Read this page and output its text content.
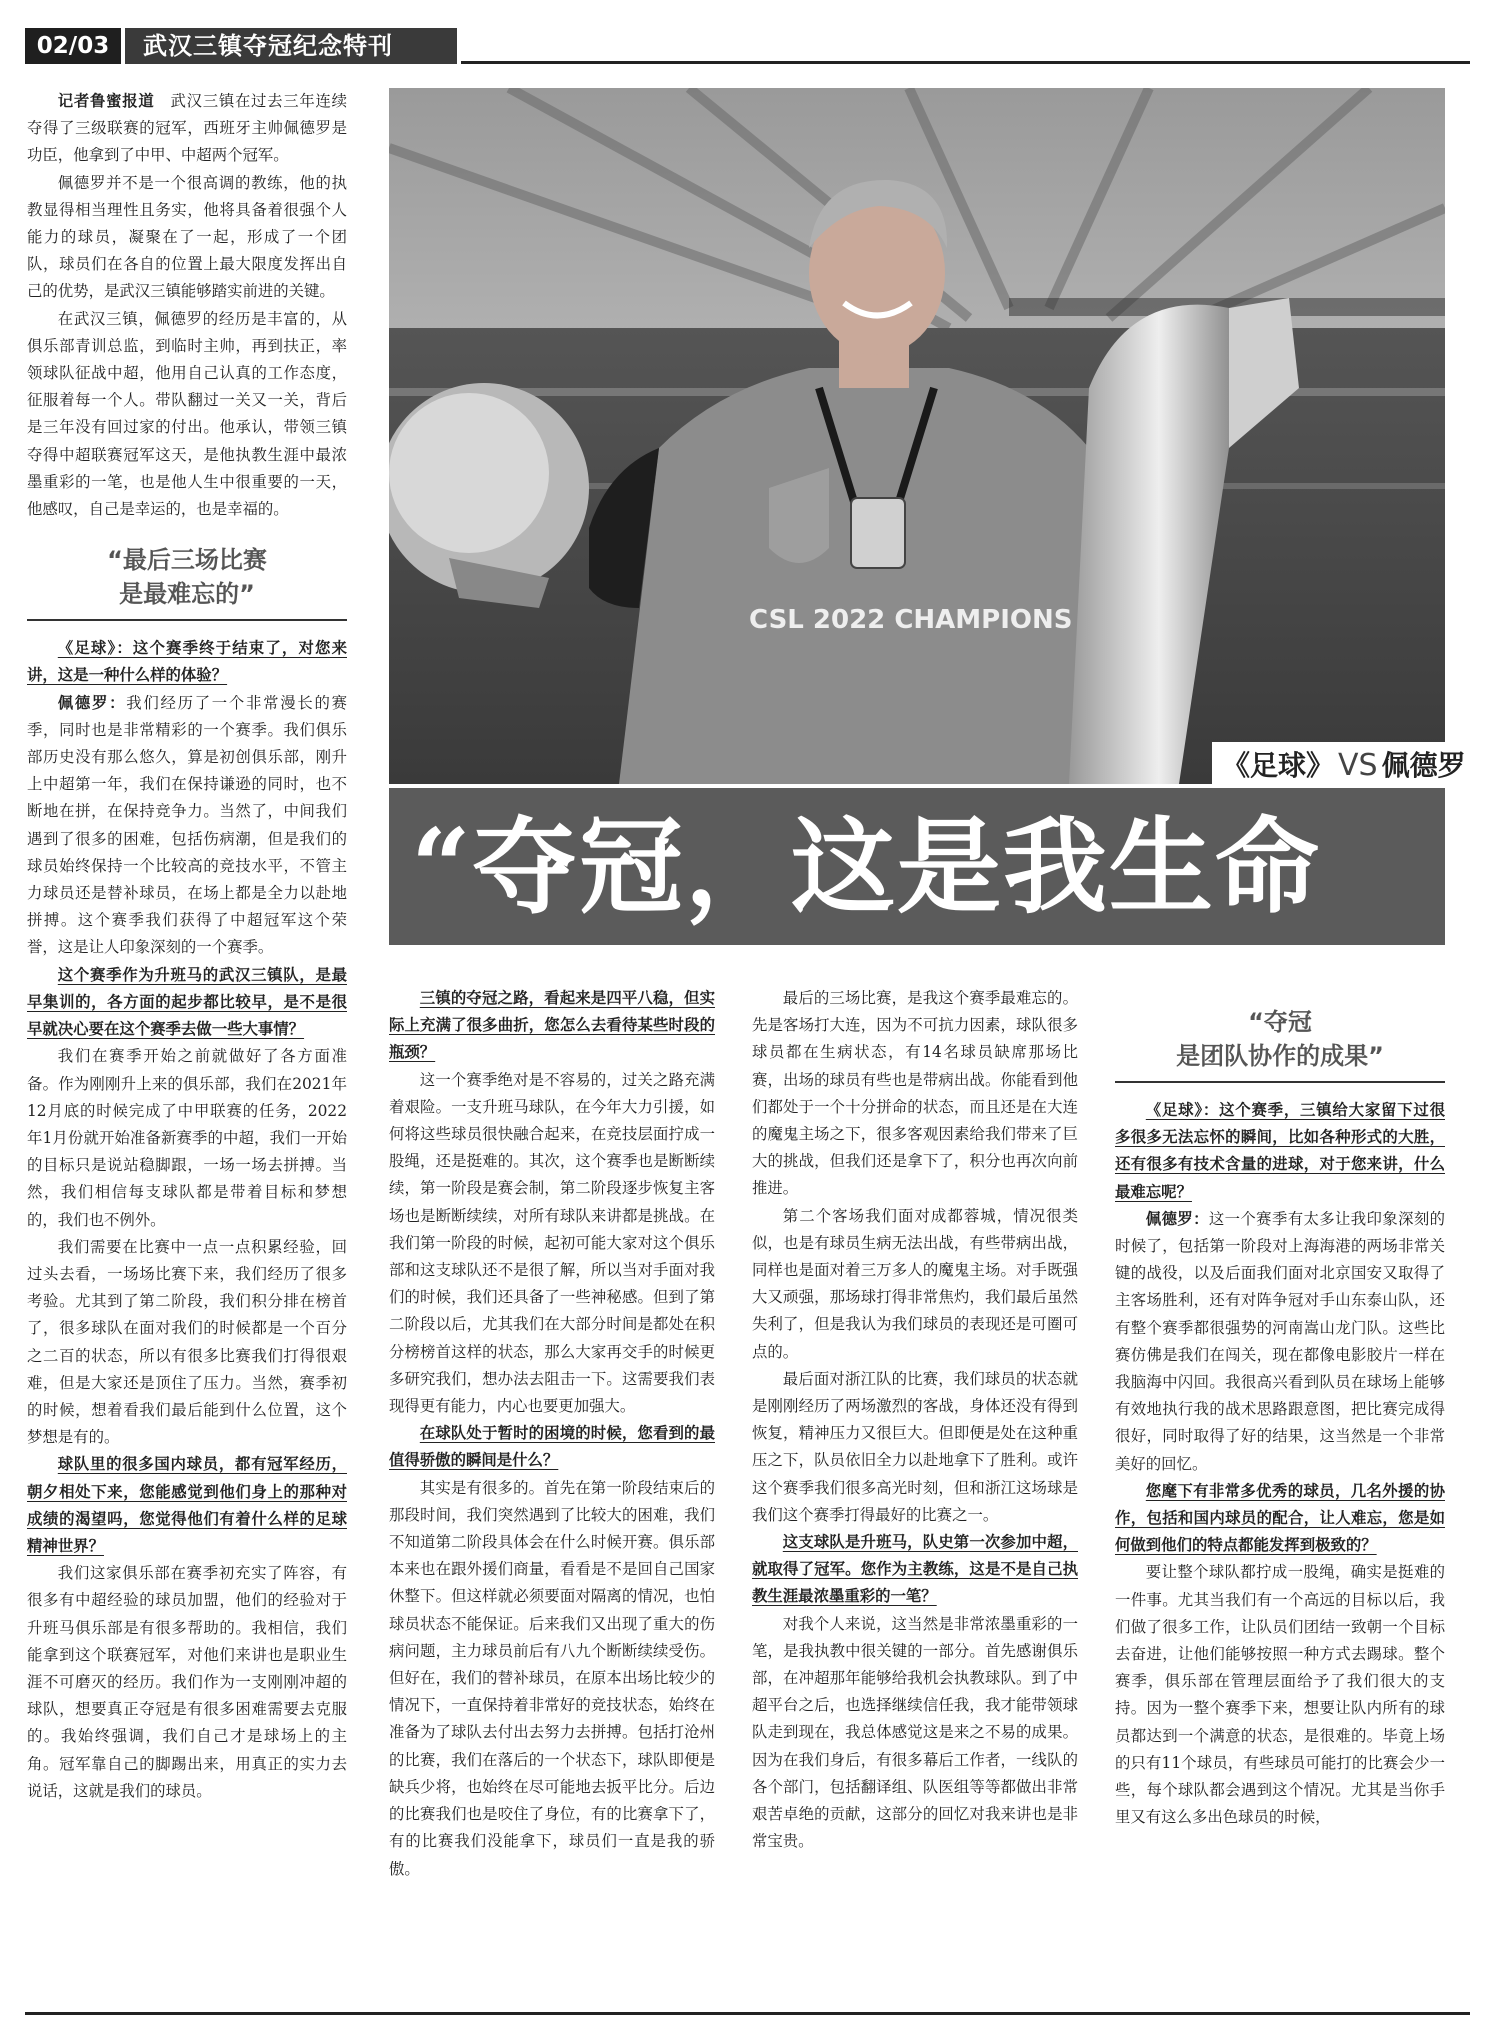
02/03	武汉三镇夺冠纪念特刊

记者鲁蜜报道　 武汉三镇在过去三年连续夺得了三级联赛的冠军，西班牙主帅佩德罗是功臣，他拿到了中甲、中超两个冠军。

佩德罗并不是一个很高调的教练，他的执教显得相当理性且务实，他将具备着很强个人能力的球员，凝聚在了一起，形成了一个团队，球员们在各自的位置上最大限度发挥出自己的优势，是武汉三镇能够踏实前进的关键。

在武汉三镇，佩德罗的经历是丰富的，从俱乐部青训总监，到临时主帅，再到扶正，率领球队征战中超，他用自己认真的工作态度，征服着每一个人。带队翻过一关又一关，背后是三年没有回过家的付出。他承认，带领三镇夺得中超联赛冠军这天，是他执教生涯中最浓墨重彩的一笔，也是他人生中很重要的一天，他感叹，自己是幸运的，也是幸福的。

“最后三场比赛
是最难忘的”

《足球》：这个赛季终于结束了，对您来讲，这是一种什么样的体验？

佩德罗：我们经历了一个非常漫长的赛季，同时也是非常精彩的一个赛季。我们俱乐部历史没有那么悠久，算是初创俱乐部，刚升上中超第一年，我们在保持谦逊的同时，也不断地在拼，在保持竞争力。当然了，中间我们遇到了很多的困难，包括伤病潮，但是我们的球员始终保持一个比较高的竞技水平，不管主力球员还是替补球员，在场上都是全力以赴地拼搏。这个赛季我们获得了中超冠军这个荣誉，这是让人印象深刻的一个赛季。

这个赛季作为升班马的武汉三镇队，是最早集训的，各方面的起步都比较早，是不是很早就决心要在这个赛季去做一些大事情？

我们在赛季开始之前就做好了各方面准备。作为刚刚升上来的俱乐部，我们在2021年12月底的时候完成了中甲联赛的任务，2022年1月份就开始准备新赛季的中超，我们一开始的目标只是说站稳脚跟，一场一场去拼搏。当然，我们相信每支球队都是带着目标和梦想的，我们也不例外。

我们需要在比赛中一点一点积累经验，回过头去看，一场场比赛下来，我们经历了很多考验。尤其到了第二阶段，我们积分排在榜首了，很多球队在面对我们的时候都是一个百分之二百的状态，所以有很多比赛我们打得很艰难，但是大家还是顶住了压力。当然，赛季初的时候，想着看我们最后能到什么位置，这个梦想是有的。

球队里的很多国内球员，都有冠军经历，朝夕相处下来，您能感觉到他们身上的那种对成绩的渴望吗，您觉得他们有着什么样的足球精神世界？

我们这家俱乐部在赛季初充实了阵容，有很多有中超经验的球员加盟，他们的经验对于升班马俱乐部是有很多帮助的。我相信，我们能拿到这个联赛冠军，对他们来讲也是职业生涯不可磨灭的经历。我们作为一支刚刚冲超的球队，想要真正夺冠是有很多困难需要去克服的。我始终强调，我们自己才是球场上的主角。冠军靠自己的脚踢出来，用真正的实力去说话，这就是我们的球员。

CSL 2022 CHAMPIONS
《足球》 VS 佩德罗
“夺冠，这是我生命

三镇的夺冠之路，看起来是四平八稳，但实际上充满了很多曲折，您怎么去看待某些时段的瓶颈？

这一个赛季绝对是不容易的，过关之路充满着艰险。一支升班马球队，在今年大力引援，如何将这些球员很快融合起来，在竞技层面拧成一股绳，还是挺难的。其次，这个赛季也是断断续续，第一阶段是赛会制，第二阶段逐步恢复主客场也是断断续续，对所有球队来讲都是挑战。在我们第一阶段的时候，起初可能大家对这个俱乐部和这支球队还不是很了解，所以当对手面对我们的时候，我们还具备了一些神秘感。但到了第二阶段以后，尤其我们在大部分时间是都处在积分榜榜首这样的状态，那么大家再交手的时候更多研究我们，想办法去阻击一下。这需要我们表现得更有能力，内心也要更加强大。

在球队处于暂时的困境的时候，您看到的最值得骄傲的瞬间是什么？

其实是有很多的。首先在第一阶段结束后的那段时间，我们突然遇到了比较大的困难，我们不知道第二阶段具体会在什么时候开赛。俱乐部本来也在跟外援们商量，看看是不是回自己国家休整下。但这样就必须要面对隔离的情况，也怕球员状态不能保证。后来我们又出现了重大的伤病问题，主力球员前后有八九个断断续续受伤。但好在，我们的替补球员，在原本出场比较少的情况下，一直保持着非常好的竞技状态，始终在准备为了球队去付出去努力去拼搏。包括打沧州的比赛，我们在落后的一个状态下，球队即便是缺兵少将，也始终在尽可能地去扳平比分。后边的比赛我们也是咬住了身位，有的比赛拿下了，有的比赛我们没能拿下，球员们一直是我的骄傲。

最后的三场比赛，是我这个赛季最难忘的。先是客场打大连，因为不可抗力因素，球队很多球员都在生病状态，有14名球员缺席那场比赛，出场的球员有些也是带病出战。你能看到他们都处于一个十分拼命的状态，而且还是在大连的魔鬼主场之下，很多客观因素给我们带来了巨大的挑战，但我们还是拿下了，积分也再次向前推进。

第二个客场我们面对成都蓉城，情况很类似，也是有球员生病无法出战，有些带病出战，同样也是面对着三万多人的魔鬼主场。对手既强大又顽强，那场球打得非常焦灼，我们最后虽然失利了，但是我认为我们球员的表现还是可圈可点的。

最后面对浙江队的比赛，我们球员的状态就是刚刚经历了两场激烈的客战，身体还没有得到恢复，精神压力又很巨大。但即便是处在这种重压之下，队员依旧全力以赴地拿下了胜利。或许这个赛季我们很多高光时刻，但和浙江这场球是我们这个赛季打得最好的比赛之一。

这支球队是升班马，队史第一次参加中超，就取得了冠军。您作为主教练，这是不是自己执教生涯最浓墨重彩的一笔？

对我个人来说，这当然是非常浓墨重彩的一笔，是我执教中很关键的一部分。首先感谢俱乐部，在冲超那年能够给我机会执教球队。到了中超平台之后，也选择继续信任我，我才能带领球队走到现在，我总体感觉这是来之不易的成果。因为在我们身后，有很多幕后工作者，一线队的各个部门，包括翻译组、队医组等等都做出非常艰苦卓绝的贡献，这部分的回忆对我来讲也是非常宝贵。

“夺冠
是团队协作的成果”

《足球》：这个赛季，三镇给大家留下过很多很多无法忘怀的瞬间，比如各种形式的大胜，还有很多有技术含量的进球，对于您来讲，什么最难忘呢？

佩德罗：这一个赛季有太多让我印象深刻的时候了，包括第一阶段对上海海港的两场非常关键的战役，以及后面我们面对北京国安又取得了主客场胜利，还有对阵争冠对手山东泰山队，还有整个赛季都很强势的河南嵩山龙门队。这些比赛仿佛是我们在闯关，现在都像电影胶片一样在我脑海中闪回。我很高兴看到队员在球场上能够有效地执行我的战术思路跟意图，把比赛完成得很好，同时取得了好的结果，这当然是一个非常美好的回忆。

您麾下有非常多优秀的球员，几名外援的协作，包括和国内球员的配合，让人难忘，您是如何做到他们的特点都能发挥到极致的？

要让整个球队都拧成一股绳，确实是挺难的一件事。尤其当我们有一个高远的目标以后，我们做了很多工作，让队员们团结一致朝一个目标去奋进，让他们能够按照一种方式去踢球。整个赛季，俱乐部在管理层面给予了我们很大的支持。因为一整个赛季下来，想要让队内所有的球员都达到一个满意的状态，是很难的。毕竟上场的只有11个球员，有些球员可能打的比赛会少一些，每个球队都会遇到这个情况。尤其是当你手里又有这么多出色球员的时候，
